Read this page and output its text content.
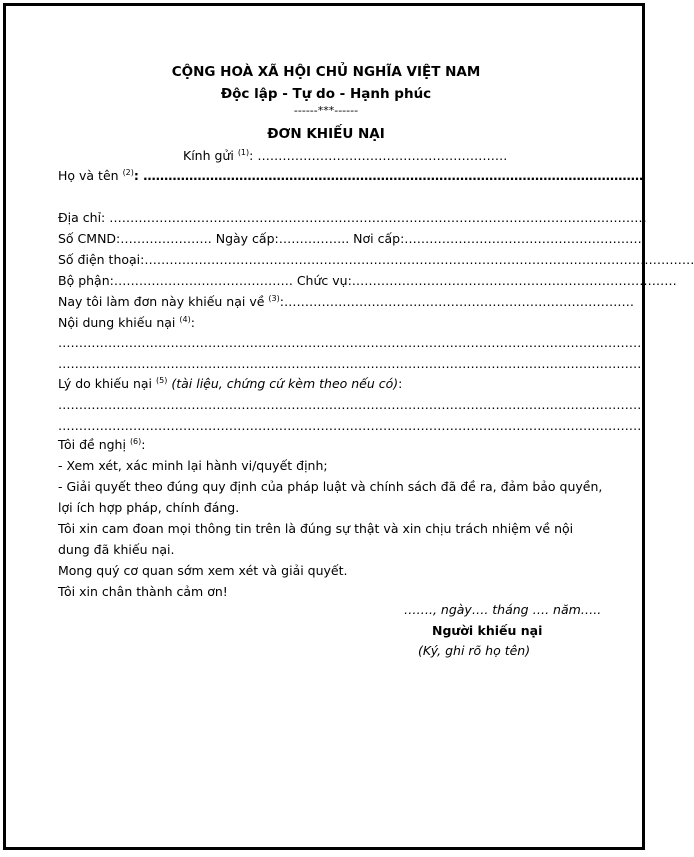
CỘNG HOÀ XÃ HỘI CHỦ NGHĨA VIỆT NAM
Độc lập - Tự do - Hạnh phúc
------***------
ĐƠN KHIẾU NẠI
Kính gửi $^{(1)}$: ……………………………………………………
Họ và tên $^{(2)}$: …………………………………………………………………………………………………………
Địa chỉ: …………………………………………………………………………………………………………………
Số CMND:…………………. Ngày cấp:…………….. Nơi cấp:…………………………………………………
Số điện thoại:……………………………………………………………………………………………………………………
Bộ phận:……………………………………. Chức vụ:……………………………………………………………………
Nay tôi làm đơn này khiếu nại về $^{(3)}$:…………………………………………………………………………
Nội dung khiếu nại $^{(4)}$:
……………………………………………………………………………………………………………………………
……………………………………………………………………………………………………………………………
Lý do khiếu nại $^{(5)}$ (tài liệu, chứng cứ kèm theo nếu có):
……………………………………………………………………………………………………………………………
……………………………………………………………………………………………………………………………
Tôi đề nghị $^{(6)}$:
- Xem xét, xác minh lại hành vi/quyết định;
- Giải quyết theo đúng quy định của pháp luật và chính sách đã đề ra, đảm bảo quyền,
lợi ích hợp pháp, chính đáng.
Tôi xin cam đoan mọi thông tin trên là đúng sự thật và xin chịu trách nhiệm về nội
dung đã khiếu nại.
Mong quý cơ quan sớm xem xét và giải quyết.
Tôi xin chân thành cảm ơn!
……., ngày…. tháng …. năm…..
Người khiếu nại
(Ký, ghi rõ họ tên)
